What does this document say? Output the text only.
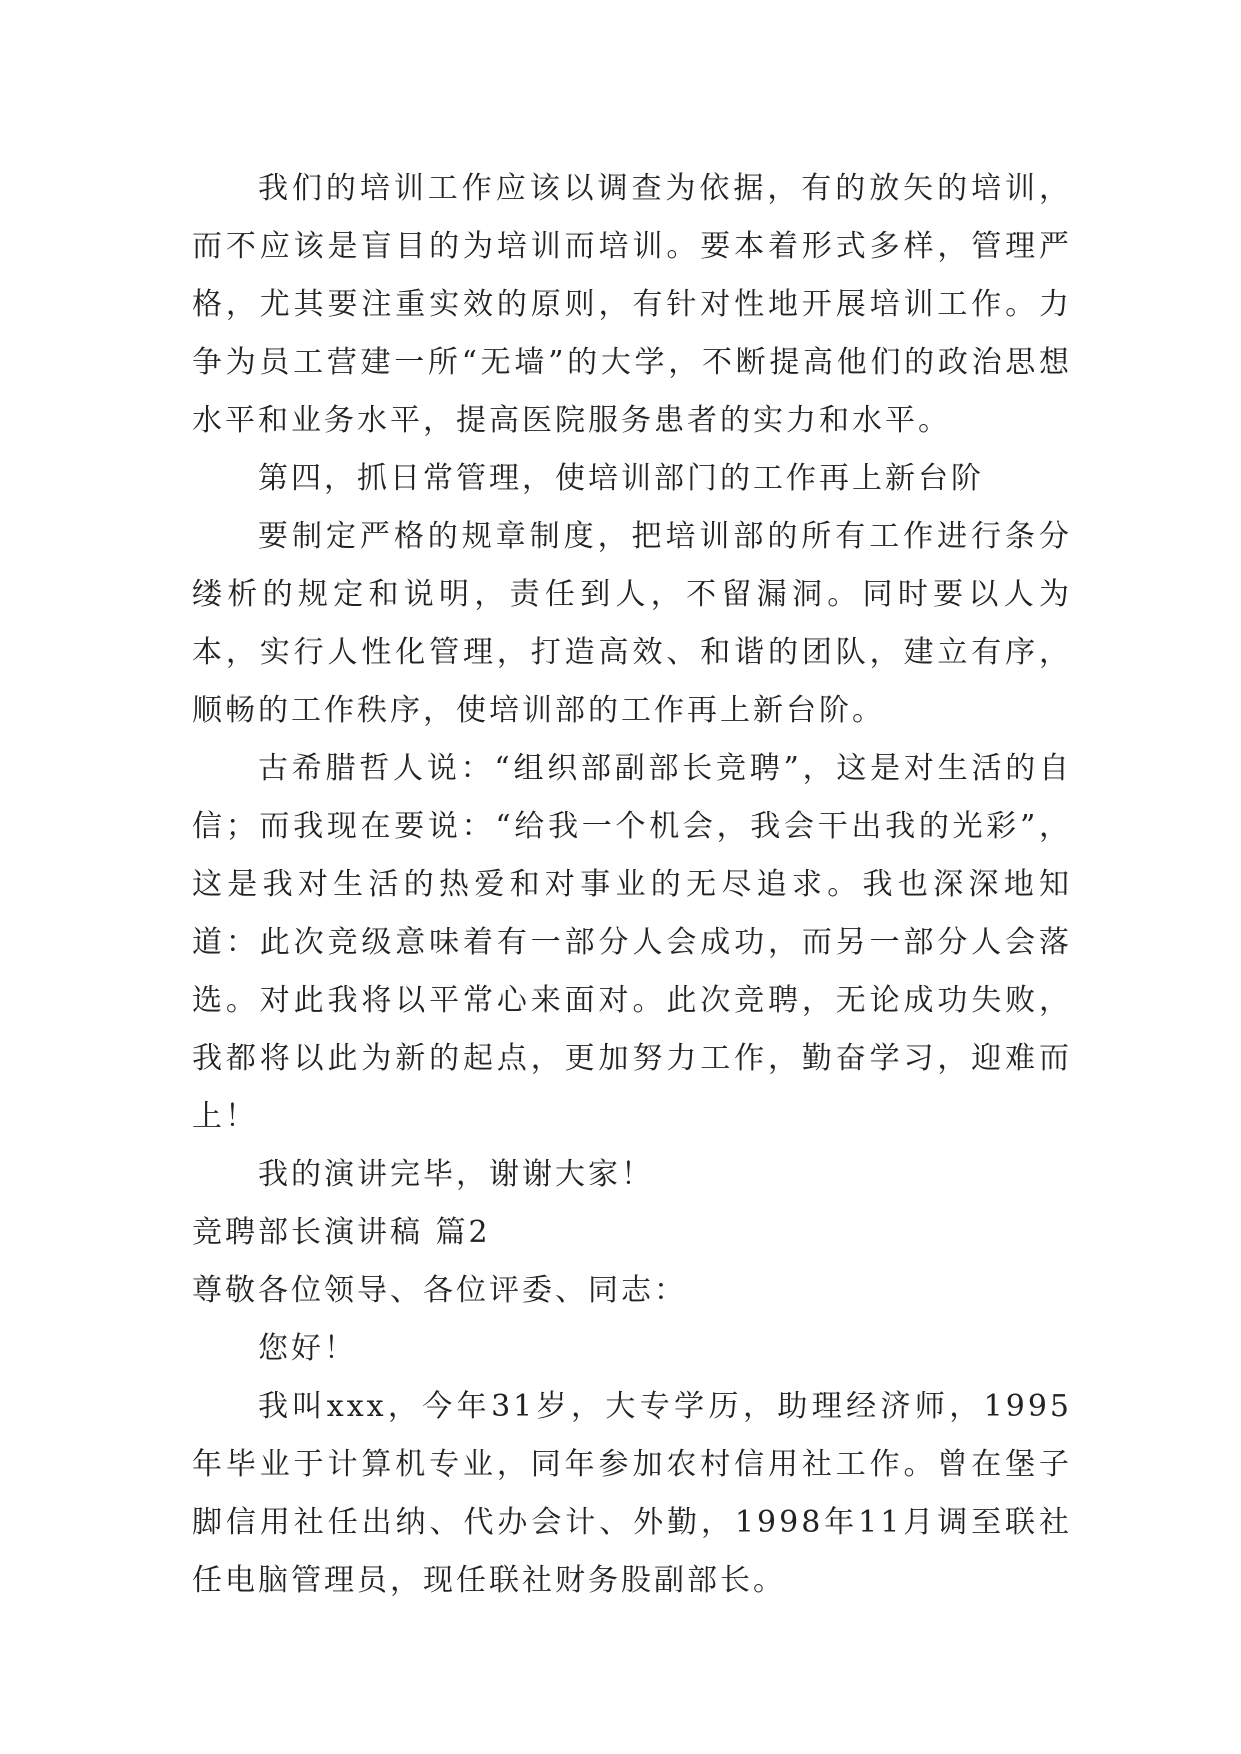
我们的培训工作应该以调查为依据，有的放矢的培训，而不应该是盲目的为培训而培训。要本着形式多样，管理严格，尤其要注重实效的原则，有针对性地开展培训工作。力争为员工营建一所“无墙”的大学，不断提高他们的政治思想水平和业务水平，提高医院服务患者的实力和水平。

第四，抓日常管理，使培训部门的工作再上新台阶

要制定严格的规章制度，把培训部的所有工作进行条分缕析的规定和说明，责任到人，不留漏洞。同时要以人为本，实行人性化管理，打造高效、和谐的团队，建立有序，顺畅的工作秩序，使培训部的工作再上新台阶。

古希腊哲人说：“组织部副部长竞聘”，这是对生活的自信；而我现在要说：“给我一个机会，我会干出我的光彩”，这是我对生活的热爱和对事业的无尽追求。我也深深地知道：此次竞级意味着有一部分人会成功，而另一部分人会落选。对此我将以平常心来面对。此次竞聘，无论成功失败，我都将以此为新的起点，更加努力工作，勤奋学习，迎难而上！

我的演讲完毕，谢谢大家！

竞聘部长演讲稿 篇2

尊敬各位领导、各位评委、同志：

您好！

我叫xxx，今年31岁，大专学历，助理经济师，1995年毕业于计算机专业，同年参加农村信用社工作。曾在堡子脚信用社任出纳、代办会计、外勤，1998年11月调至联社任电脑管理员，现任联社财务股副部长。
